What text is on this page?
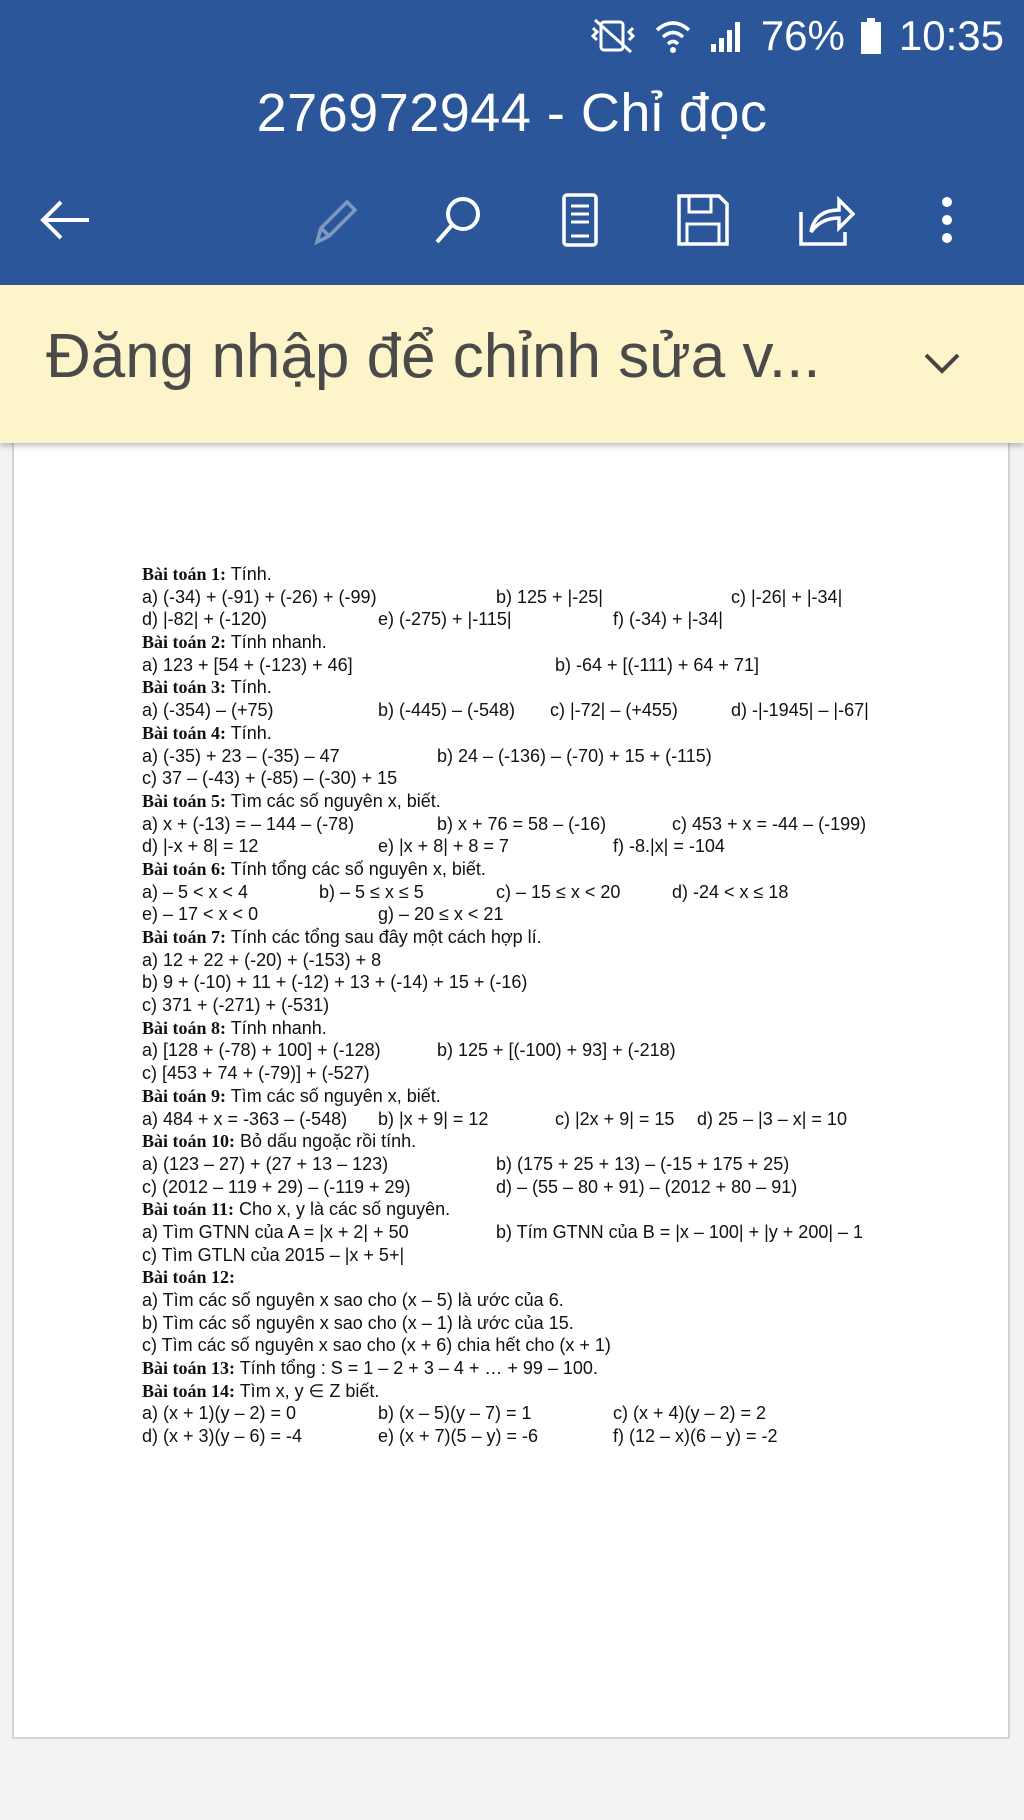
76% 10:35
276972944 - Chỉ đọc
Đăng nhập để chỉnh sửa v...
Bài toán 1: Tính.
a) (-34) + (-91) + (-26) + (-99)	b) 125 + |-25|	c) |-26| + |-34|
d) |-82| + (-120)	e) (-275) + |-115|	f) (-34) + |-34|
Bài toán 2: Tính nhanh.
a) 123 + [54 + (-123) + 46]	b) -64 + [(-111) + 64 + 71]
Bài toán 3: Tính.
a) (-354) – (+75)	b) (-445) – (-548) c) |-72| – (+455)	d) -|-1945| – |-67|
Bài toán 4: Tính.
a) (-35) + 23 – (-35) – 47	b) 24 – (-136) – (-70) + 15 + (-115)
c) 37 – (-43) + (-85) – (-30) + 15
Bài toán 5: Tìm các số nguyên x, biết.
a) x + (-13) = – 144 – (-78)	b) x + 76 = 58 – (-16)	c) 453 + x = -44 – (-199)
d) |-x + 8| = 12	e) |x + 8| + 8 = 7	f) -8.|x| = -104
Bài toán 6: Tính tổng các số nguyên x, biết.
a) – 5 < x < 4	b) – 5 ≤ x ≤ 5	c) – 15 ≤ x < 20	d) -24 < x ≤ 18
e) – 17 < x < 0	g) – 20 ≤ x < 21
Bài toán 7: Tính các tổng sau đây một cách hợp lí.
a) 12 + 22 + (-20) + (-153) + 8
b) 9 + (-10) + 11 + (-12) + 13 + (-14) + 15 + (-16)
c) 371 + (-271) + (-531)
Bài toán 8: Tính nhanh.
a) [128 + (-78) + 100] + (-128)	b) 125 + [(-100) + 93] + (-218)
c) [453 + 74 + (-79)] + (-527)
Bài toán 9: Tìm các số nguyên x, biết.
a) 484 + x = -363 – (-548) b) |x + 9| = 12	c) |2x + 9| = 15 d) 25 – |3 – x| = 10
Bài toán 10: Bỏ dấu ngoặc rồi tính.
a) (123 – 27) + (27 + 13 – 123)	b) (175 + 25 + 13) – (-15 + 175 + 25)
c) (2012 – 119 + 29) – (-119 + 29)	d) – (55 – 80 + 91) – (2012 + 80 – 91)
Bài toán 11: Cho x, y là các số nguyên.
a) Tìm GTNN của A = |x + 2| + 50	b) Tím GTNN của B = |x – 100| + |y + 200| – 1
c) Tìm GTLN của 2015 – |x + 5+|
Bài toán 12:
a) Tìm các số nguyên x sao cho (x – 5) là ước của 6.
b) Tìm các số nguyên x sao cho (x – 1) là ước của 15.
c) Tìm các số nguyên x sao cho (x + 6) chia hết cho (x + 1)
Bài toán 13: Tính tổng : S = 1 – 2 + 3 – 4 + … + 99 – 100.
Bài toán 14: Tìm x, y ∈ Z biết.
a) (x + 1)(y – 2) = 0	b) (x – 5)(y – 7) = 1	c) (x + 4)(y – 2) = 2
d) (x + 3)(y – 6) = -4	e) (x + 7)(5 – y) = -6	f) (12 – x)(6 – y) = -2
